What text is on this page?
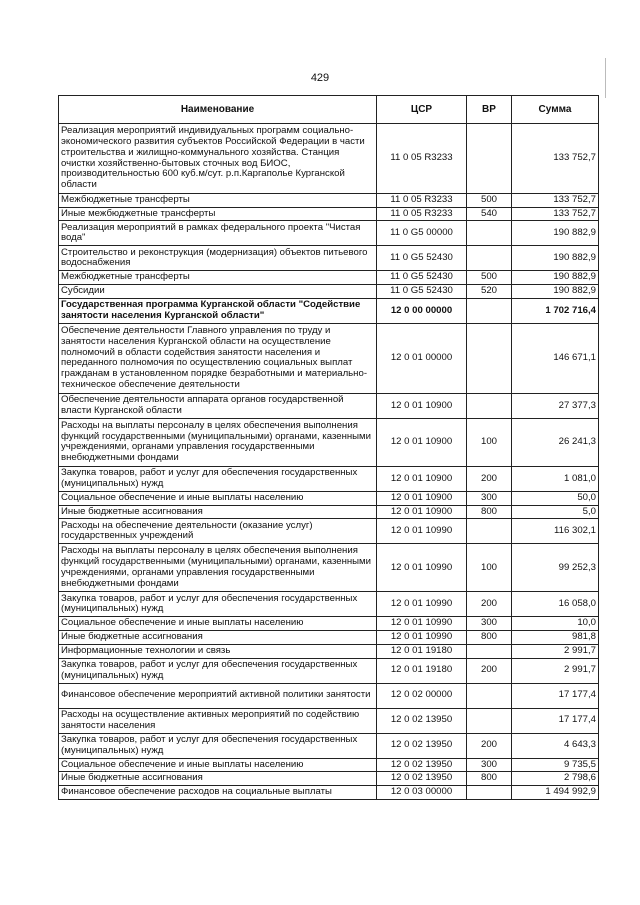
429
Наименование	ЦСР	ВР	Сумма
Реализация мероприятий индивидуальных программ социально-экономического развития субъектов Российской Федерации в части строительства и жилищно-коммунального хозяйства. Станция очистки хозяйственно-бытовых сточных вод БИОС, производительностью 600 куб.м/сут. р.п.Каргаполье Курганской области	11 0 05 R3233		133 752,7
Межбюджетные трансферты	11 0 05 R3233	500	133 752,7
Иные межбюджетные трансферты	11 0 05 R3233	540	133 752,7
Реализация мероприятий в рамках федерального проекта "Чистая вода"	11 0 G5 00000		190 882,9
Строительство и реконструкция (модернизация) объектов питьевого водоснабжения	11 0 G5 52430		190 882,9
Межбюджетные трансферты	11 0 G5 52430	500	190 882,9
Субсидии	11 0 G5 52430	520	190 882,9
Государственная программа Курганской области "Содействие занятости населения Курганской области"	12 0 00 00000		1 702 716,4
Обеспечение деятельности Главного управления по труду и занятости населения Курганской области на осуществление полномочий в области содействия занятости населения и переданного полномочия по осуществлению социальных выплат гражданам в установленном порядке безработными и материально-техническое обеспечение деятельности	12 0 01 00000		146 671,1
Обеспечение деятельности аппарата органов государственной власти Курганской области	12 0 01 10900		27 377,3
Расходы на выплаты персоналу в целях обеспечения выполнения функций государственными (муниципальными) органами, казенными учреждениями, органами управления государственными внебюджетными фондами	12 0 01 10900	100	26 241,3
Закупка товаров, работ и услуг для обеспечения государственных (муниципальных) нужд	12 0 01 10900	200	1 081,0
Социальное обеспечение и иные выплаты населению	12 0 01 10900	300	50,0
Иные бюджетные ассигнования	12 0 01 10900	800	5,0
Расходы на обеспечение деятельности (оказание услуг) государственных учреждений	12 0 01 10990		116 302,1
Расходы на выплаты персоналу в целях обеспечения выполнения функций государственными (муниципальными) органами, казенными учреждениями, органами управления государственными внебюджетными фондами	12 0 01 10990	100	99 252,3
Закупка товаров, работ и услуг для обеспечения государственных (муниципальных) нужд	12 0 01 10990	200	16 058,0
Социальное обеспечение и иные выплаты населению	12 0 01 10990	300	10,0
Иные бюджетные ассигнования	12 0 01 10990	800	981,8
Информационные технологии и связь	12 0 01 19180		2 991,7
Закупка товаров, работ и услуг для обеспечения государственных (муниципальных) нужд	12 0 01 19180	200	2 991,7
Финансовое обеспечение мероприятий активной политики занятости	12 0 02 00000		17 177,4
Расходы на осуществление активных мероприятий по содействию занятости населения	12 0 02 13950		17 177,4
Закупка товаров, работ и услуг для обеспечения государственных (муниципальных) нужд	12 0 02 13950	200	4 643,3
Социальное обеспечение и иные выплаты населению	12 0 02 13950	300	9 735,5
Иные бюджетные ассигнования	12 0 02 13950	800	2 798,6
Финансовое обеспечение расходов на социальные выплаты	12 0 03 00000		1 494 992,9
